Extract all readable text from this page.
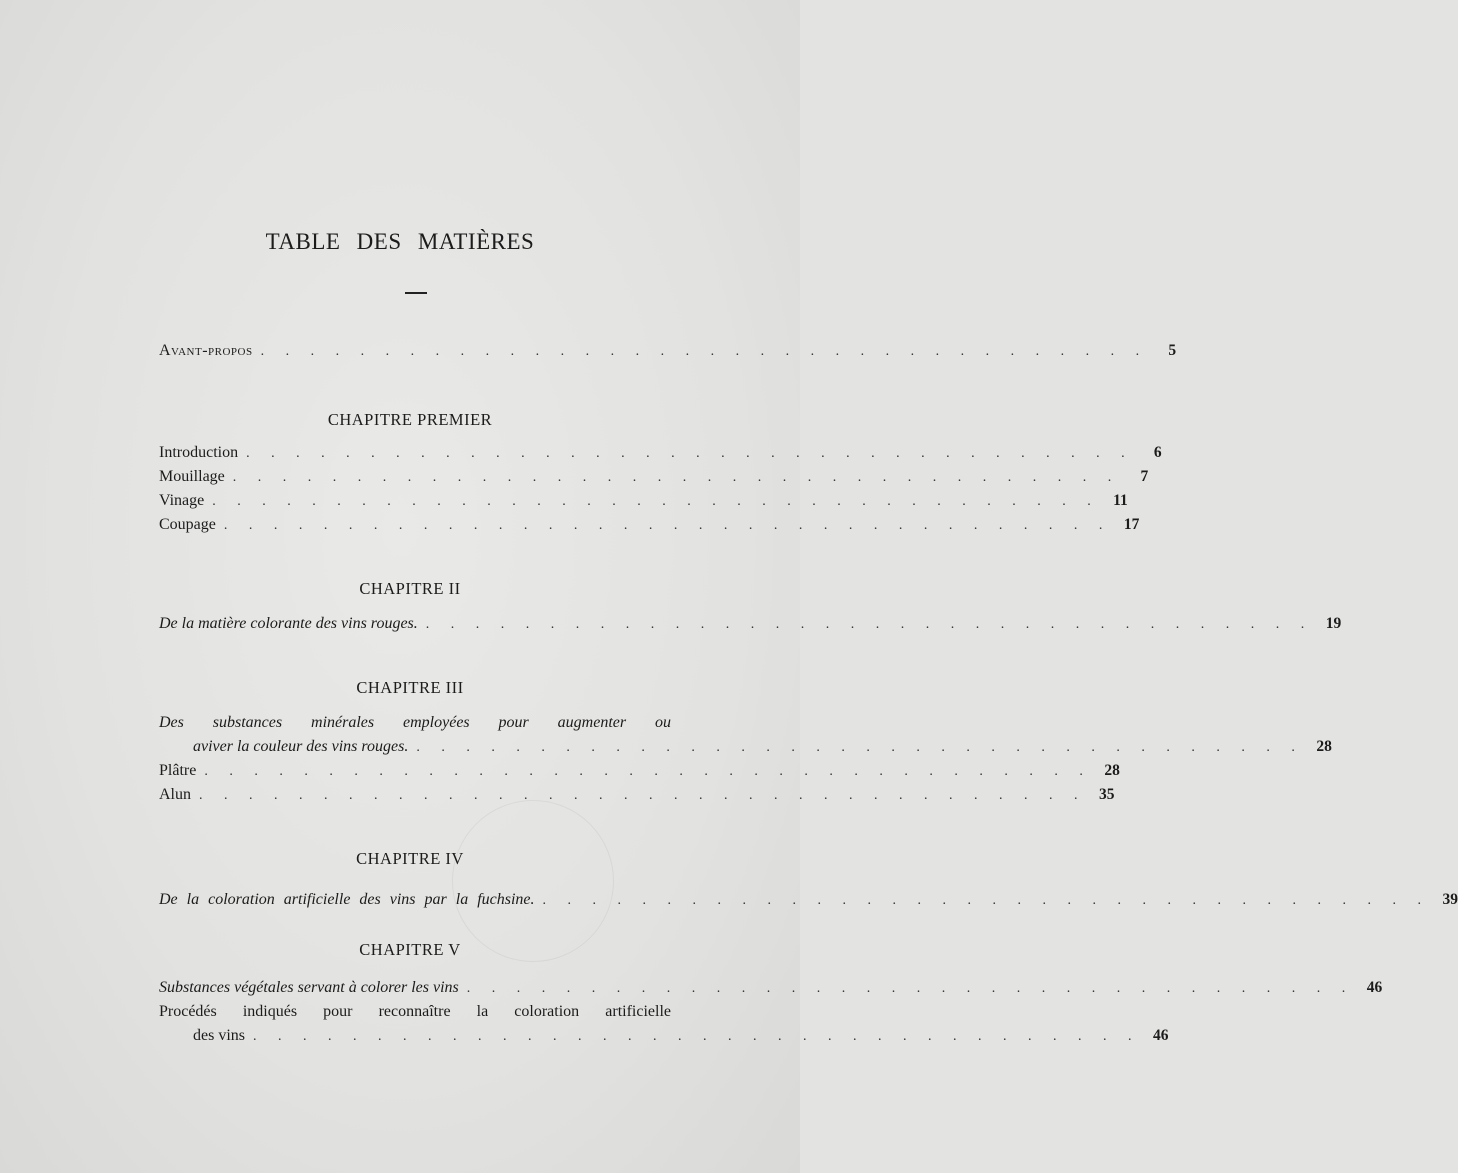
TABLE DES MATIÈRES
Avant-propos . . . . . . . . . . . . . . . . . . . . . . . . . . . . . . . . . . . .	5
CHAPITRE PREMIER
Introduction . . . . . . . . . . . . . . . . . . . . . . . . . . . . . . . . . . . .	6
Mouillage . . . . . . . . . . . . . . . . . . . . . . . . . . . . . . . . . . . .	7
Vinage . . . . . . . . . . . . . . . . . . . . . . . . . . . . . . . . . . . . 11
Coupage . . . . . . . . . . . . . . . . . . . . . . . . . . . . . . . . . . . . 17
CHAPITRE II
De la matière colorante des vins rouges. . . . . . . . . . . . . . . . . . . . . . . . . . . . . . . . . . . . . 19
CHAPITRE III
Des substances minérales employées pour augmenter ou
aviver la couleur des vins rouges. . . . . . . . . . . . . . . . . . . . . . . . . . . . . . . . . . . . . 28
Plâtre . . . . . . . . . . . . . . . . . . . . . . . . . . . . . . . . . . . . 28
Alun . . . . . . . . . . . . . . . . . . . . . . . . . . . . . . . . . . . . 35
CHAPITRE IV
De la coloration artificielle des vins par la fuchsine. . . . . . . . . . . . . . . . . . . . . . . . . . . . . . . . . . . . . 39
CHAPITRE V
Substances végétales servant à colorer les vins . . . . . . . . . . . . . . . . . . . . . . . . . . . . . . . . . . . . 46
Procédés indiqués pour reconnaître la coloration artificielle
des vins . . . . . . . . . . . . . . . . . . . . . . . . . . . . . . . . . . . . 46
